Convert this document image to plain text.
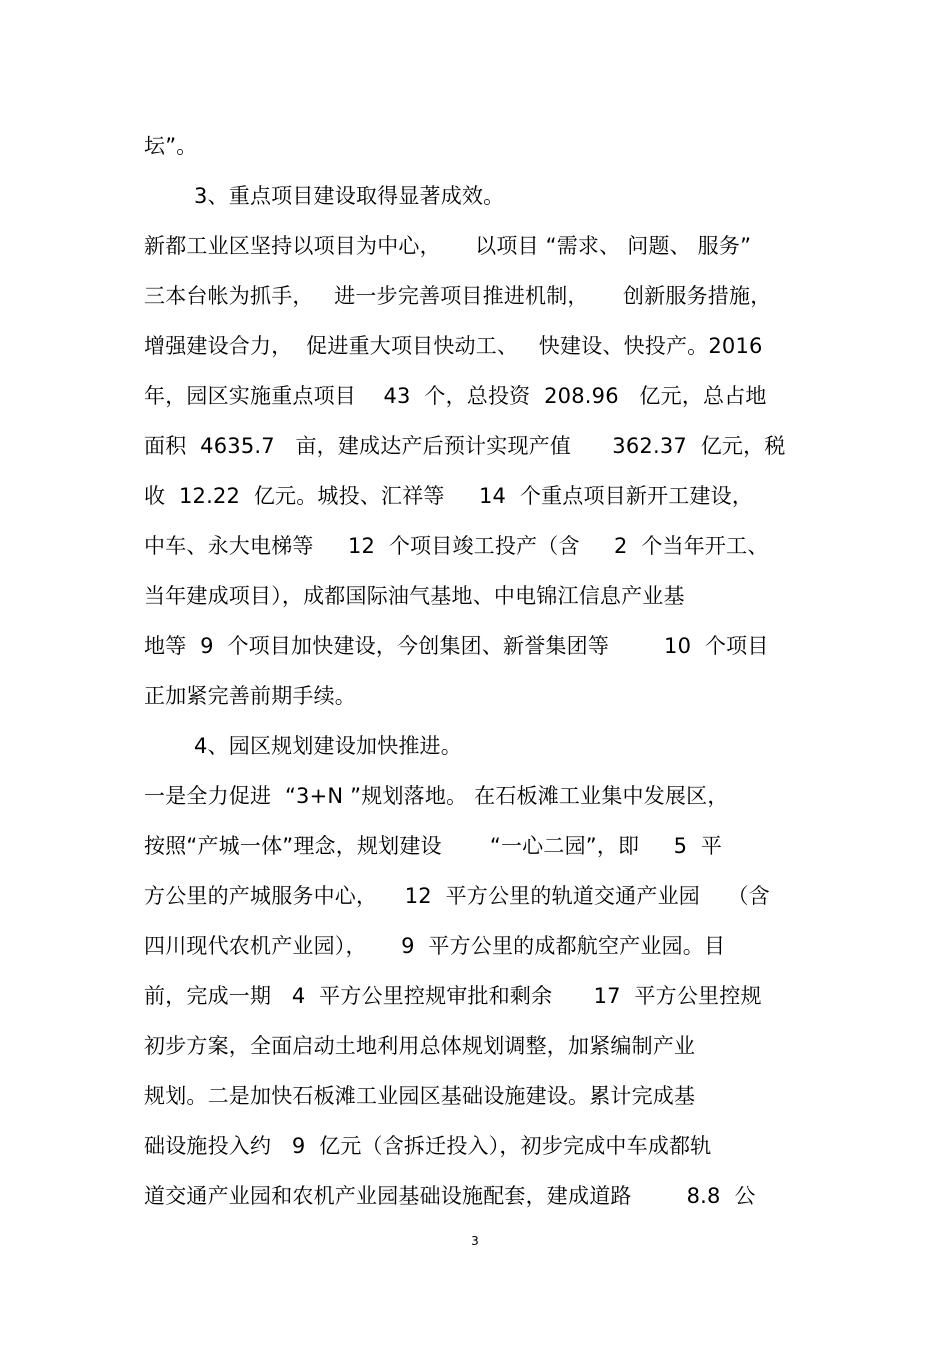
坛”。
3、重点项目建设取得显著成效。
新都工业区坚持以项目为中心，     以项目 “需求、 问题、 服务”
三本台帐为抓手，   进一步完善项目推进机制，     创新服务措施，
增强建设合力，  促进重大项目快动工、   快建设、快投产。2016
年，园区实施重点项目    43  个，总投资  208.96   亿元，总占地
面积  4635.7   亩，建成达产后预计实现产值      362.37  亿元，税
收  12.22  亿元。城投、汇祥等     14  个重点项目新开工建设，
中车、永大电梯等     12  个项目竣工投产（含     2  个当年开工、
当年建成项目），成都国际油气基地、中电锦江信息产业基
地等  9  个项目加快建设，今创集团、新誉集团等        10  个项目
正加紧完善前期手续。
4、园区规划建设加快推进。
一是全力促进  “3+N ”规划落地。 在石板滩工业集中发展区，
按照“产城一体”理念，规划建设       “一心二园”，即     5  平
方公里的产城服务中心，    12  平方公里的轨道交通产业园    （含
四川现代农机产业园），     9  平方公里的成都航空产业园。目
前，完成一期   4  平方公里控规审批和剩余      17  平方公里控规
初步方案，全面启动土地利用总体规划调整，加紧编制产业
规划。二是加快石板滩工业园区基础设施建设。累计完成基
础设施投入约   9  亿元（含拆迁投入），初步完成中车成都轨
道交通产业园和农机产业园基础设施配套，建成道路        8.8  公
3
